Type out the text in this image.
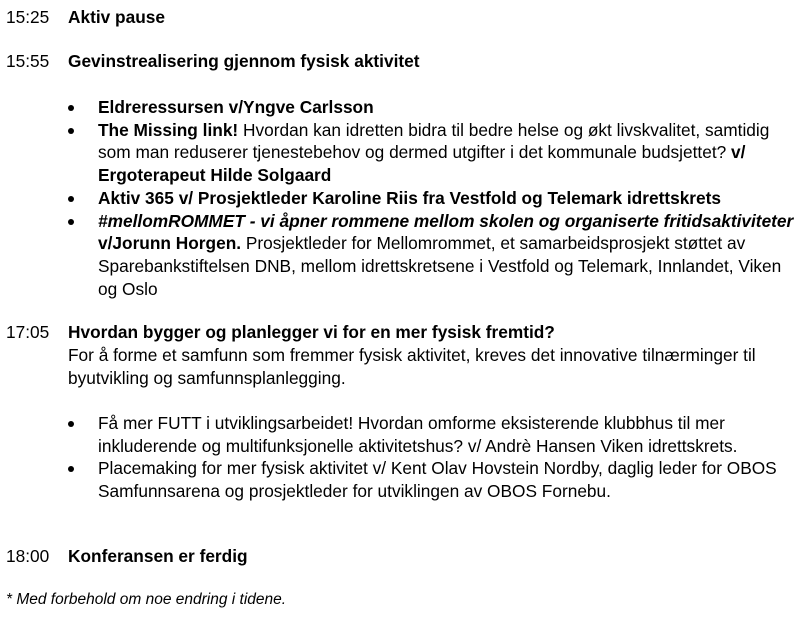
15:25 Aktiv pause
15:55 Gevinstrealisering gjennom fysisk aktivitet
Eldreressursen v/Yngve Carlsson
The Missing link! Hvordan kan idretten bidra til bedre helse og økt livskvalitet, samtidig som man reduserer tjenestebehov og dermed utgifter i det kommunale budsjettet? v/ Ergoterapeut Hilde Solgaard
Aktiv 365 v/ Prosjektleder Karoline Riis fra Vestfold og Telemark idrettskrets
#mellomROMMET - vi åpner rommene mellom skolen og organiserte fritidsaktiviteter v/Jorunn Horgen. Prosjektleder for Mellomrommet, et samarbeidsprosjekt støttet av Sparebankstiftelsen DNB, mellom idrettskretsene i Vestfold og Telemark, Innlandet, Viken og Oslo
17:05 Hvordan bygger og planlegger vi for en mer fysisk fremtid?
For å forme et samfunn som fremmer fysisk aktivitet, kreves det innovative tilnærminger til byutvikling og samfunnsplanlegging.
Få mer FUTT i utviklingsarbeidet! Hvordan omforme eksisterende klubbhus til mer inkluderende og multifunksjonelle aktivitetshus? v/ Andrè Hansen Viken idrettskrets.
Placemaking for mer fysisk aktivitet v/ Kent Olav Hovstein Nordby, daglig leder for OBOS Samfunnsarena og prosjektleder for utviklingen av OBOS Fornebu.
18:00 Konferansen er ferdig
* Med forbehold om noe endring i tidene.
